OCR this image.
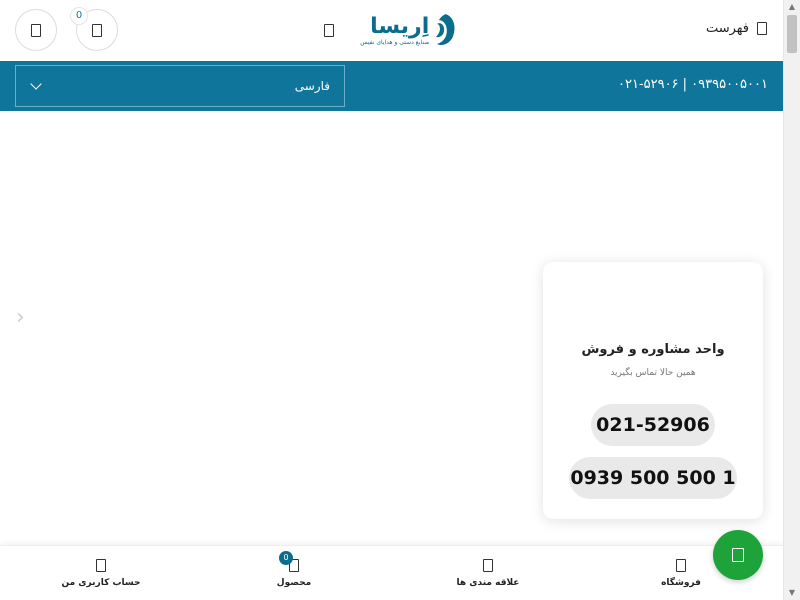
0	اِریسا
صنایع دستی و هدایای نفیس
فهرست
فارسی	۰۲۱-۵۲۹۰۶ | ۰۹۳۹۵۰۰۵۰۰۱
›
واحد مشاوره و فروش
همین حالا تماس بگیرید
021-52906
0939 500 500 1
فروشگاه
علاقه مندی ها
محصول
0
حساب کاربری من
▲
▼
